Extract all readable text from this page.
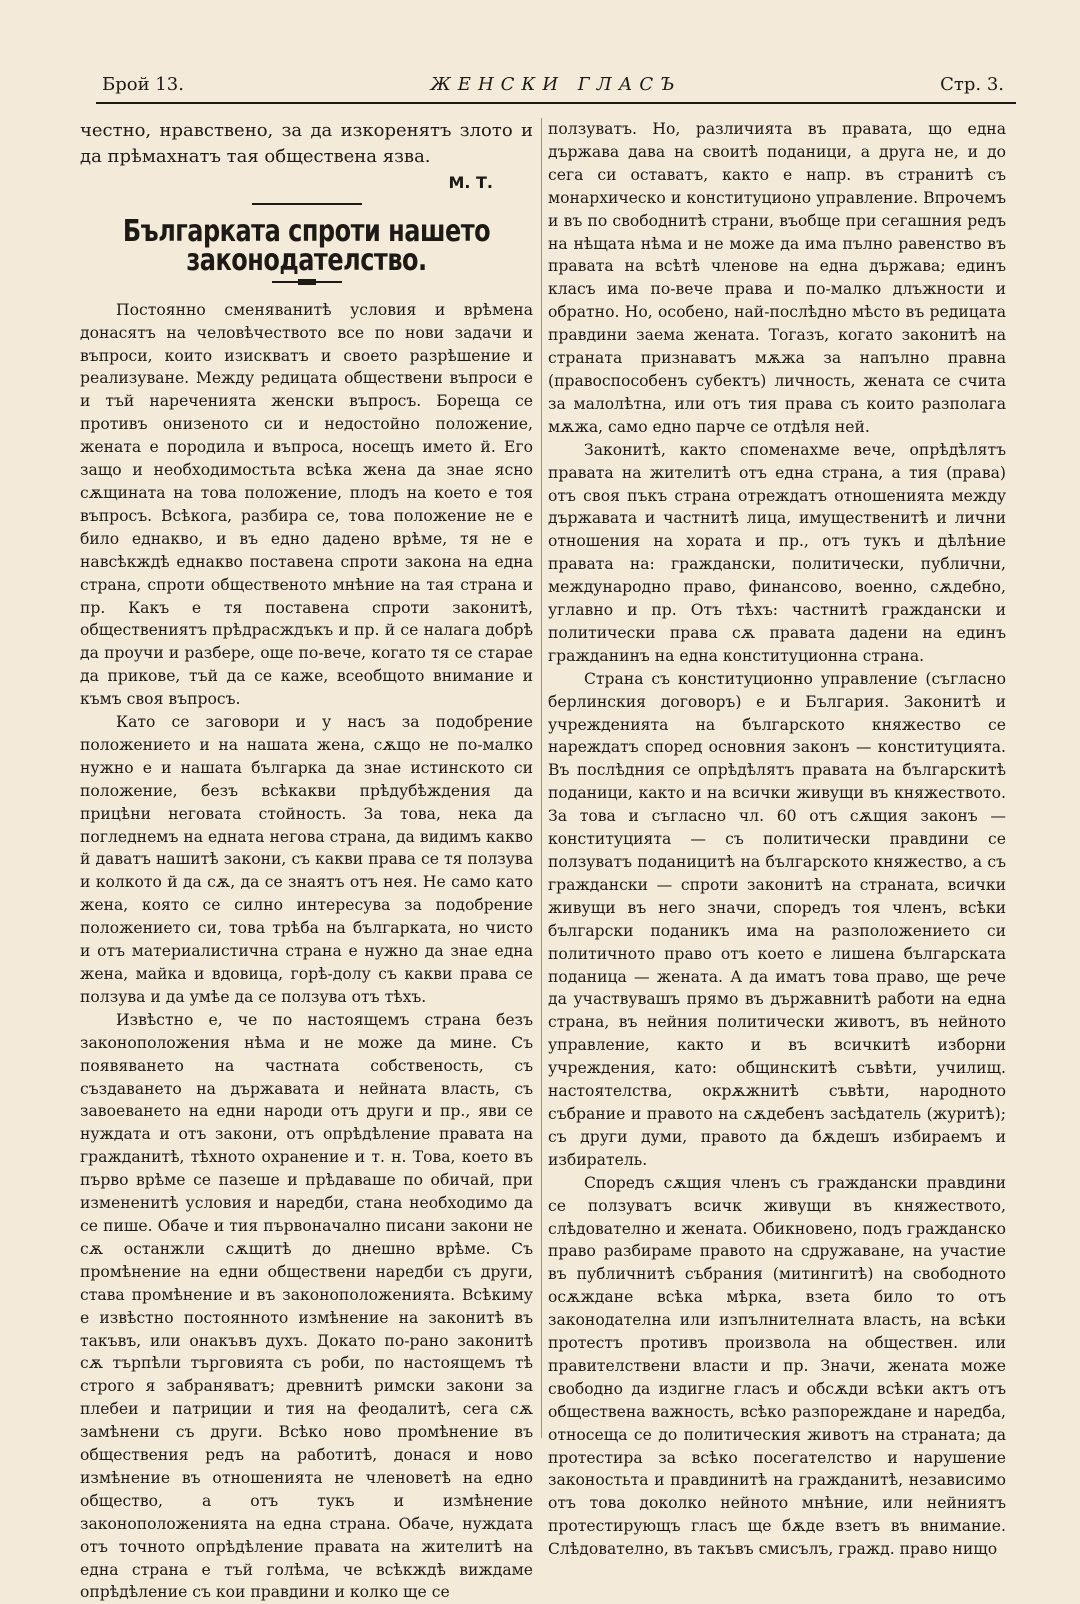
Брой 13.	ЖЕНСКИ ГЛАСЪ	Стр. 3.

честно, нравствено, за да изкоренятъ злото и да прѣмахнатъ тая обществена язва.

М. Т.
Българката спроти нашето законодателство.

Постоянно сменяванитѣ условия и врѣмена донасятъ на человѣчеството все по нови задачи и въпроси, които изискватъ и своето разрѣшение и реализуване. Между редицата обществени въпроси е и тъй нареченията женски въпросъ. Бореща се противъ онизеното си и недостойно положение, жената е породила и въпроса, носещъ името й. Его защо и необходимостьта всѣка жена да знае ясно сѫщината на това положение, плодъ на което е тоя въпросъ. Всѣкога, разбира се, това положение не е било еднакво, и въ едно дадено врѣме, тя не е навсѣкждѣ еднакво поставена спроти закона на една страна, спроти общественото мнѣние на тая страна и пр. Какъ е тя поставена спроти законитѣ, обществениятъ прѣдрасждъкъ и пр. й се налага добрѣ да проучи и разбере, още по-вече, когато тя се старае да прикове, тъй да се каже, всеобщото внимание и къмъ своя въпросъ.

Като се заговори и у насъ за подобрение положението и на нашата жена, сѫщо не по-малко нужно е и нашата българка да знае истинското си положение, безъ всѣкакви прѣдубѣждения да прицѣни неговата стойность. За това, нека да погледнемъ на едната негова страна, да видимъ какво й даватъ нашитѣ закони, съ какви права се тя ползува и колкото й да сѫ, да се знаятъ отъ нея. Не само като жена, която се силно интересува за подобрение положението си, това трѣба на българката, но чисто и отъ материалистична страна е нужно да знае една жена, майка и вдовица, горѣ-долу съ какви права се ползува и да умѣе да се ползува отъ тѣхъ.

Извѣстно е, че по настоящемъ страна безъ законоположения нѣма и не може да мине. Съ появяването на частната собственость, съ създаването на държавата и нейната власть, съ завоеването на едни народи отъ други и пр., яви се нуждата и отъ закони, отъ опрѣдѣление правата на гражданитѣ, тѣхното охранение и т. н. Това, което въ първо врѣме се пазеше и прѣдаваше по обичай, при измененитѣ условия и наредби, стана необходимо да се пише. Обаче и тия първоначално писани закони не сѫ останжли сѫщитѣ до днешно врѣме. Съ промѣнение на едни обществени наредби съ други, става промѣнение и въ законоположенията. Всѣкиму е извѣстно постоянното измѣнение на законитѣ въ такъвъ, или онакъвъ духъ. Докато по-рано законитѣ сѫ търпѣли търговията съ роби, по настоящемъ тѣ строго я забраняватъ; древнитѣ римски закони за плебеи и патриции и тия на феодалитѣ, сега сѫ замѣнени съ други. Всѣко ново промѣнение въ обществения редъ на работитѣ, донася и ново измѣнение въ отношенията не членоветѣ на едно общество, а отъ тукъ и измѣнение законоположенията на една страна. Обаче, нуждата отъ точното опрѣдѣление правата на жителитѣ на една страна е тъй голѣма, че всѣкждѣ виждаме опрѣдѣление съ кои правдини и колко ще се

ползуватъ. Но, различията въ правата, що една държава дава на своитѣ поданици, а друга не, и до сега си оставатъ, както е напр. въ странитѣ съ монархическо и конституционо управление. Впрочемъ и въ по свободнитѣ страни, въобще при сегашния редъ на нѣщата нѣма и не може да има пълно равенство въ правата на всѣтѣ членове на една държава; единъ класъ има по-вече права и по-малко длъжности и обратно. Но, особено, най-послѣдно мѣсто въ редицата правдини заема жената. Тогазъ, когато законитѣ на страната признаватъ мѫжа за напълно правна (правоспособенъ субектъ) личность, жената се счита за малолѣтна, или отъ тия права съ които разполага мѫжа, само едно парче се отдѣля ней.

Законитѣ, както споменахме вече, опрѣдѣлятъ правата на жителитѣ отъ една страна, а тия (права) отъ своя пъкъ страна отреждатъ отношенията между държавата и частнитѣ лица, имущественитѣ и лични отношения на хората и пр., отъ тукъ и дѣлѣние правата на: граждански, политически, публични, международно право, финансово, военно, сѫдебно, углавно и пр. Отъ тѣхъ: частнитѣ граждански и политически права сѫ правата дадени на единъ гражданинъ на една конституционна страна.

Страна съ конституционно управление (съгласно берлинския договоръ) е и България. Законитѣ и учрежденията на българското княжество се нареждатъ според основния законъ — конституцията. Въ послѣдния се опрѣдѣлятъ правата на българскитѣ поданици, както и на всички живущи въ княжеството. За това и съгласно чл. 60 отъ сѫщия законъ — конституцията — съ политически правдини се ползуватъ поданицитѣ на българското княжество, а съ граждански — спроти законитѣ на страната, всички живущи въ него значи, споредъ тоя членъ, всѣки български поданикъ има на разположението си политичното право отъ което е лишена българската поданица — жената. А да иматъ това право, ще рече да участвувашъ прямо въ държавнитѣ работи на една страна, въ нейния политически животъ, въ нейното управление, както и въ всичкитѣ изборни учреждения, като: общинскитѣ съвѣти, училищ. настоятелства, окрѫжнитѣ съвѣти, народното събрание и правото на сѫдебенъ засѣдатель (журитѣ); съ други думи, правото да бѫдешъ избираемъ и избиратель.

Споредъ сѫщия членъ съ граждански правдини се ползуватъ всичк живущи въ княжеството, слѣдователно и жената. Обикновено, подъ гражданско право разбираме правото на сдружаване, на участие въ публичнитѣ събрания (митингитѣ) на свободното осѫждане всѣка мѣрка, взета било то отъ законодателна или изпълнителната власть, на всѣки протестъ противъ произвола на обществен. или правителствени власти и пр. Значи, жената може свободно да издигне гласъ и обсѫди всѣки актъ отъ обществена важность, всѣко разпореждане и наредба, относеща се до политическия животъ на страната; да протестира за всѣко посегателство и нарушение законостьта и правдинитѣ на гражданитѣ, независимо отъ това доколко нейното мнѣние, или нейниятъ протестирующъ гласъ ще бѫде взетъ въ внимание. Слѣдователно, въ такъвъ смисълъ, гражд. право нищо
